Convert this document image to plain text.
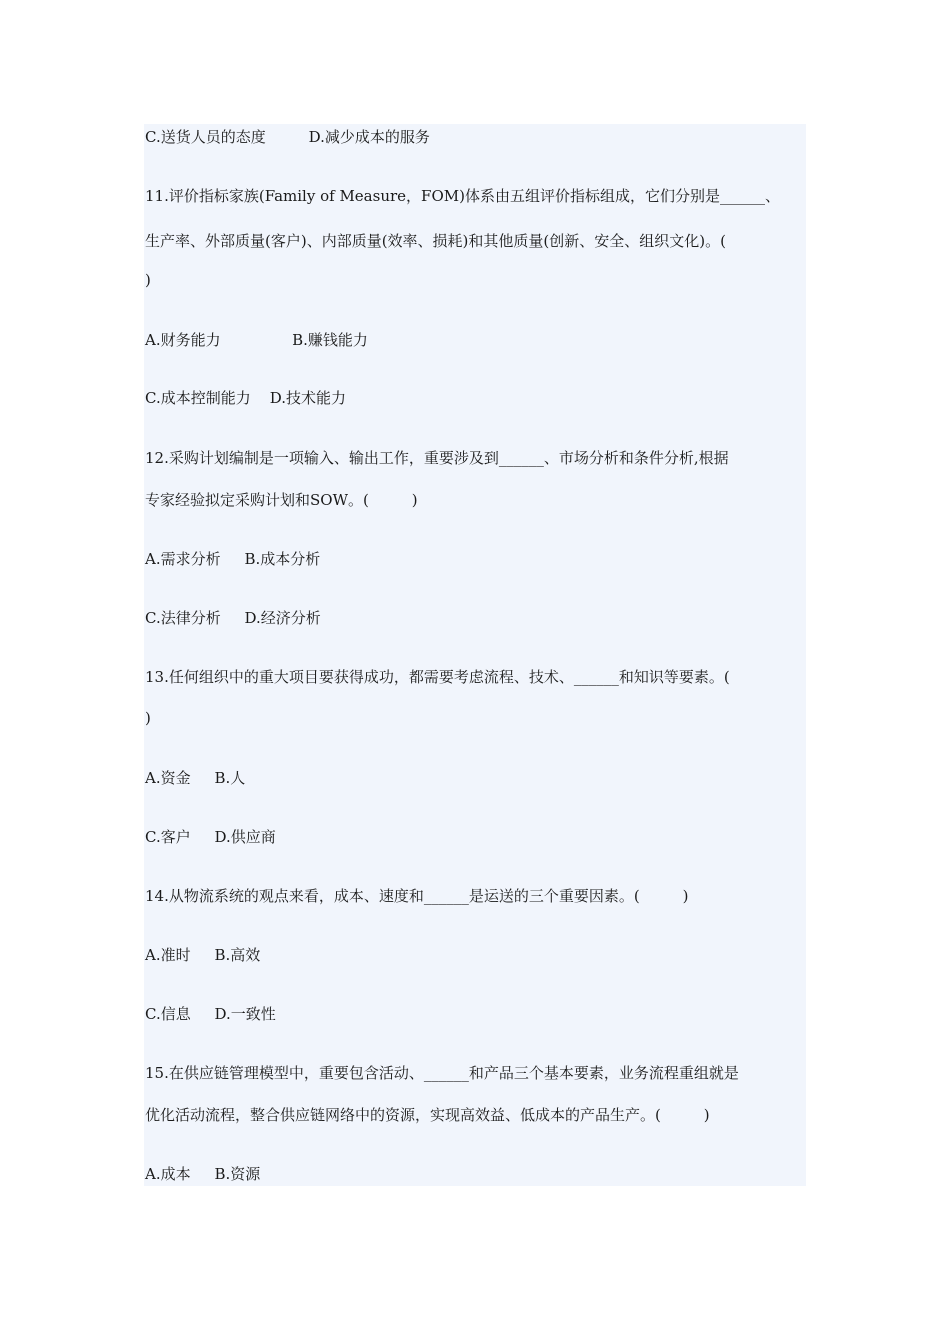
C.送货人员的态度         D.减少成本的服务

11.评价指标家族(Family of Measure，FOM)体系由五组评价指标组成，它们分别是______、

生产率、外部质量(客户)、内部质量(效率、损耗)和其他质量(创新、安全、组织文化)。(

)

A.财务能力               B.赚钱能力

C.成本控制能力    D.技术能力

12.采购计划编制是一项输入、输出工作，重要涉及到______、市场分析和条件分析,根据

专家经验拟定采购计划和SOW。(         )

A.需求分析     B.成本分析

C.法律分析     D.经济分析

13.任何组织中的重大项目要获得成功，都需要考虑流程、技术、______和知识等要素。(

)

A.资金     B.人

C.客户     D.供应商

14.从物流系统的观点来看，成本、速度和______是运送的三个重要因素。(         )

A.准时     B.高效

C.信息     D.一致性

15.在供应链管理模型中，重要包含活动、______和产品三个基本要素，业务流程重组就是

优化活动流程，整合供应链网络中的资源，实现高效益、低成本的产品生产。(         )

A.成本     B.资源
